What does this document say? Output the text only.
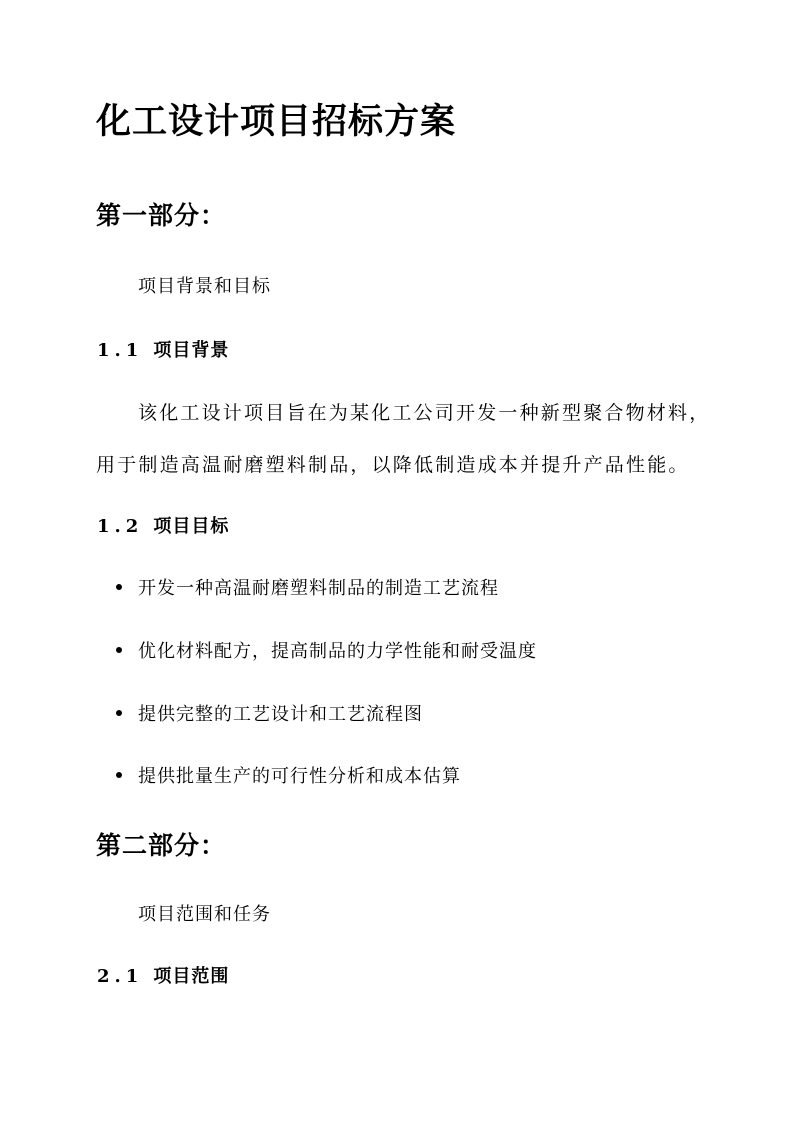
化工设计项目招标方案
第一部分：
项目背景和目标
1.1 项目背景
该化工设计项目旨在为某化工公司开发一种新型聚合物材料，
用于制造高温耐磨塑料制品，以降低制造成本并提升产品性能。
1.2 项目目标
开发一种高温耐磨塑料制品的制造工艺流程
优化材料配方，提高制品的力学性能和耐受温度
提供完整的工艺设计和工艺流程图
提供批量生产的可行性分析和成本估算
第二部分：
项目范围和任务
2.1 项目范围
